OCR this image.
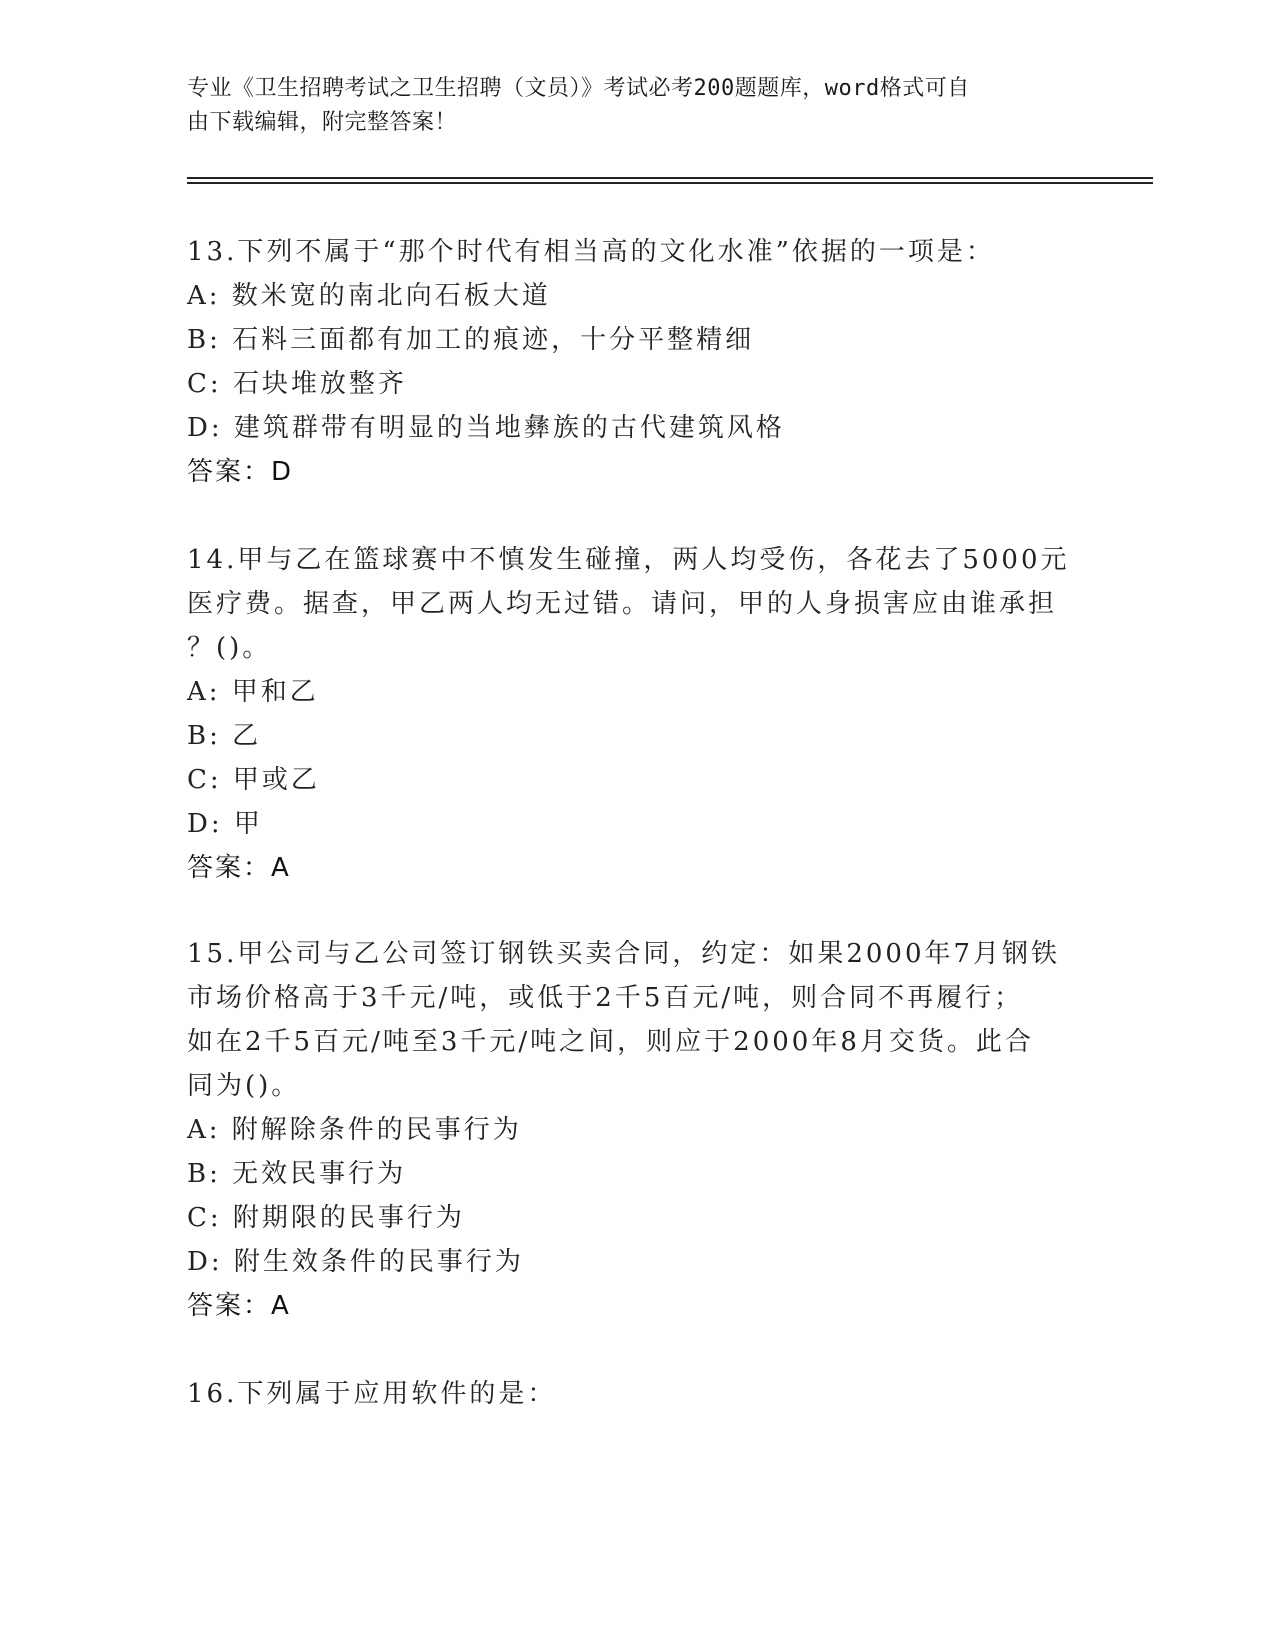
专业《卫生招聘考试之卫生招聘（文员）》考试必考200题题库，word格式可自
由下载编辑，附完整答案！
13.下列不属于“那个时代有相当高的文化水准”依据的一项是：
A: 数米宽的南北向石板大道
B: 石料三面都有加工的痕迹，十分平整精细
C: 石块堆放整齐
D: 建筑群带有明显的当地彝族的古代建筑风格
答案：D
14.甲与乙在篮球赛中不慎发生碰撞，两人均受伤，各花去了5000元
医疗费。据查，甲乙两人均无过错。请问，甲的人身损害应由谁承担
？()。
A: 甲和乙
B: 乙
C: 甲或乙
D: 甲
答案：A
15.甲公司与乙公司签订钢铁买卖合同，约定：如果2000年7月钢铁
市场价格高于3千元/吨，或低于2千5百元/吨，则合同不再履行；
如在2千5百元/吨至3千元/吨之间，则应于2000年8月交货。此合
同为()。
A: 附解除条件的民事行为
B: 无效民事行为
C: 附期限的民事行为
D: 附生效条件的民事行为
答案：A
16.下列属于应用软件的是：
